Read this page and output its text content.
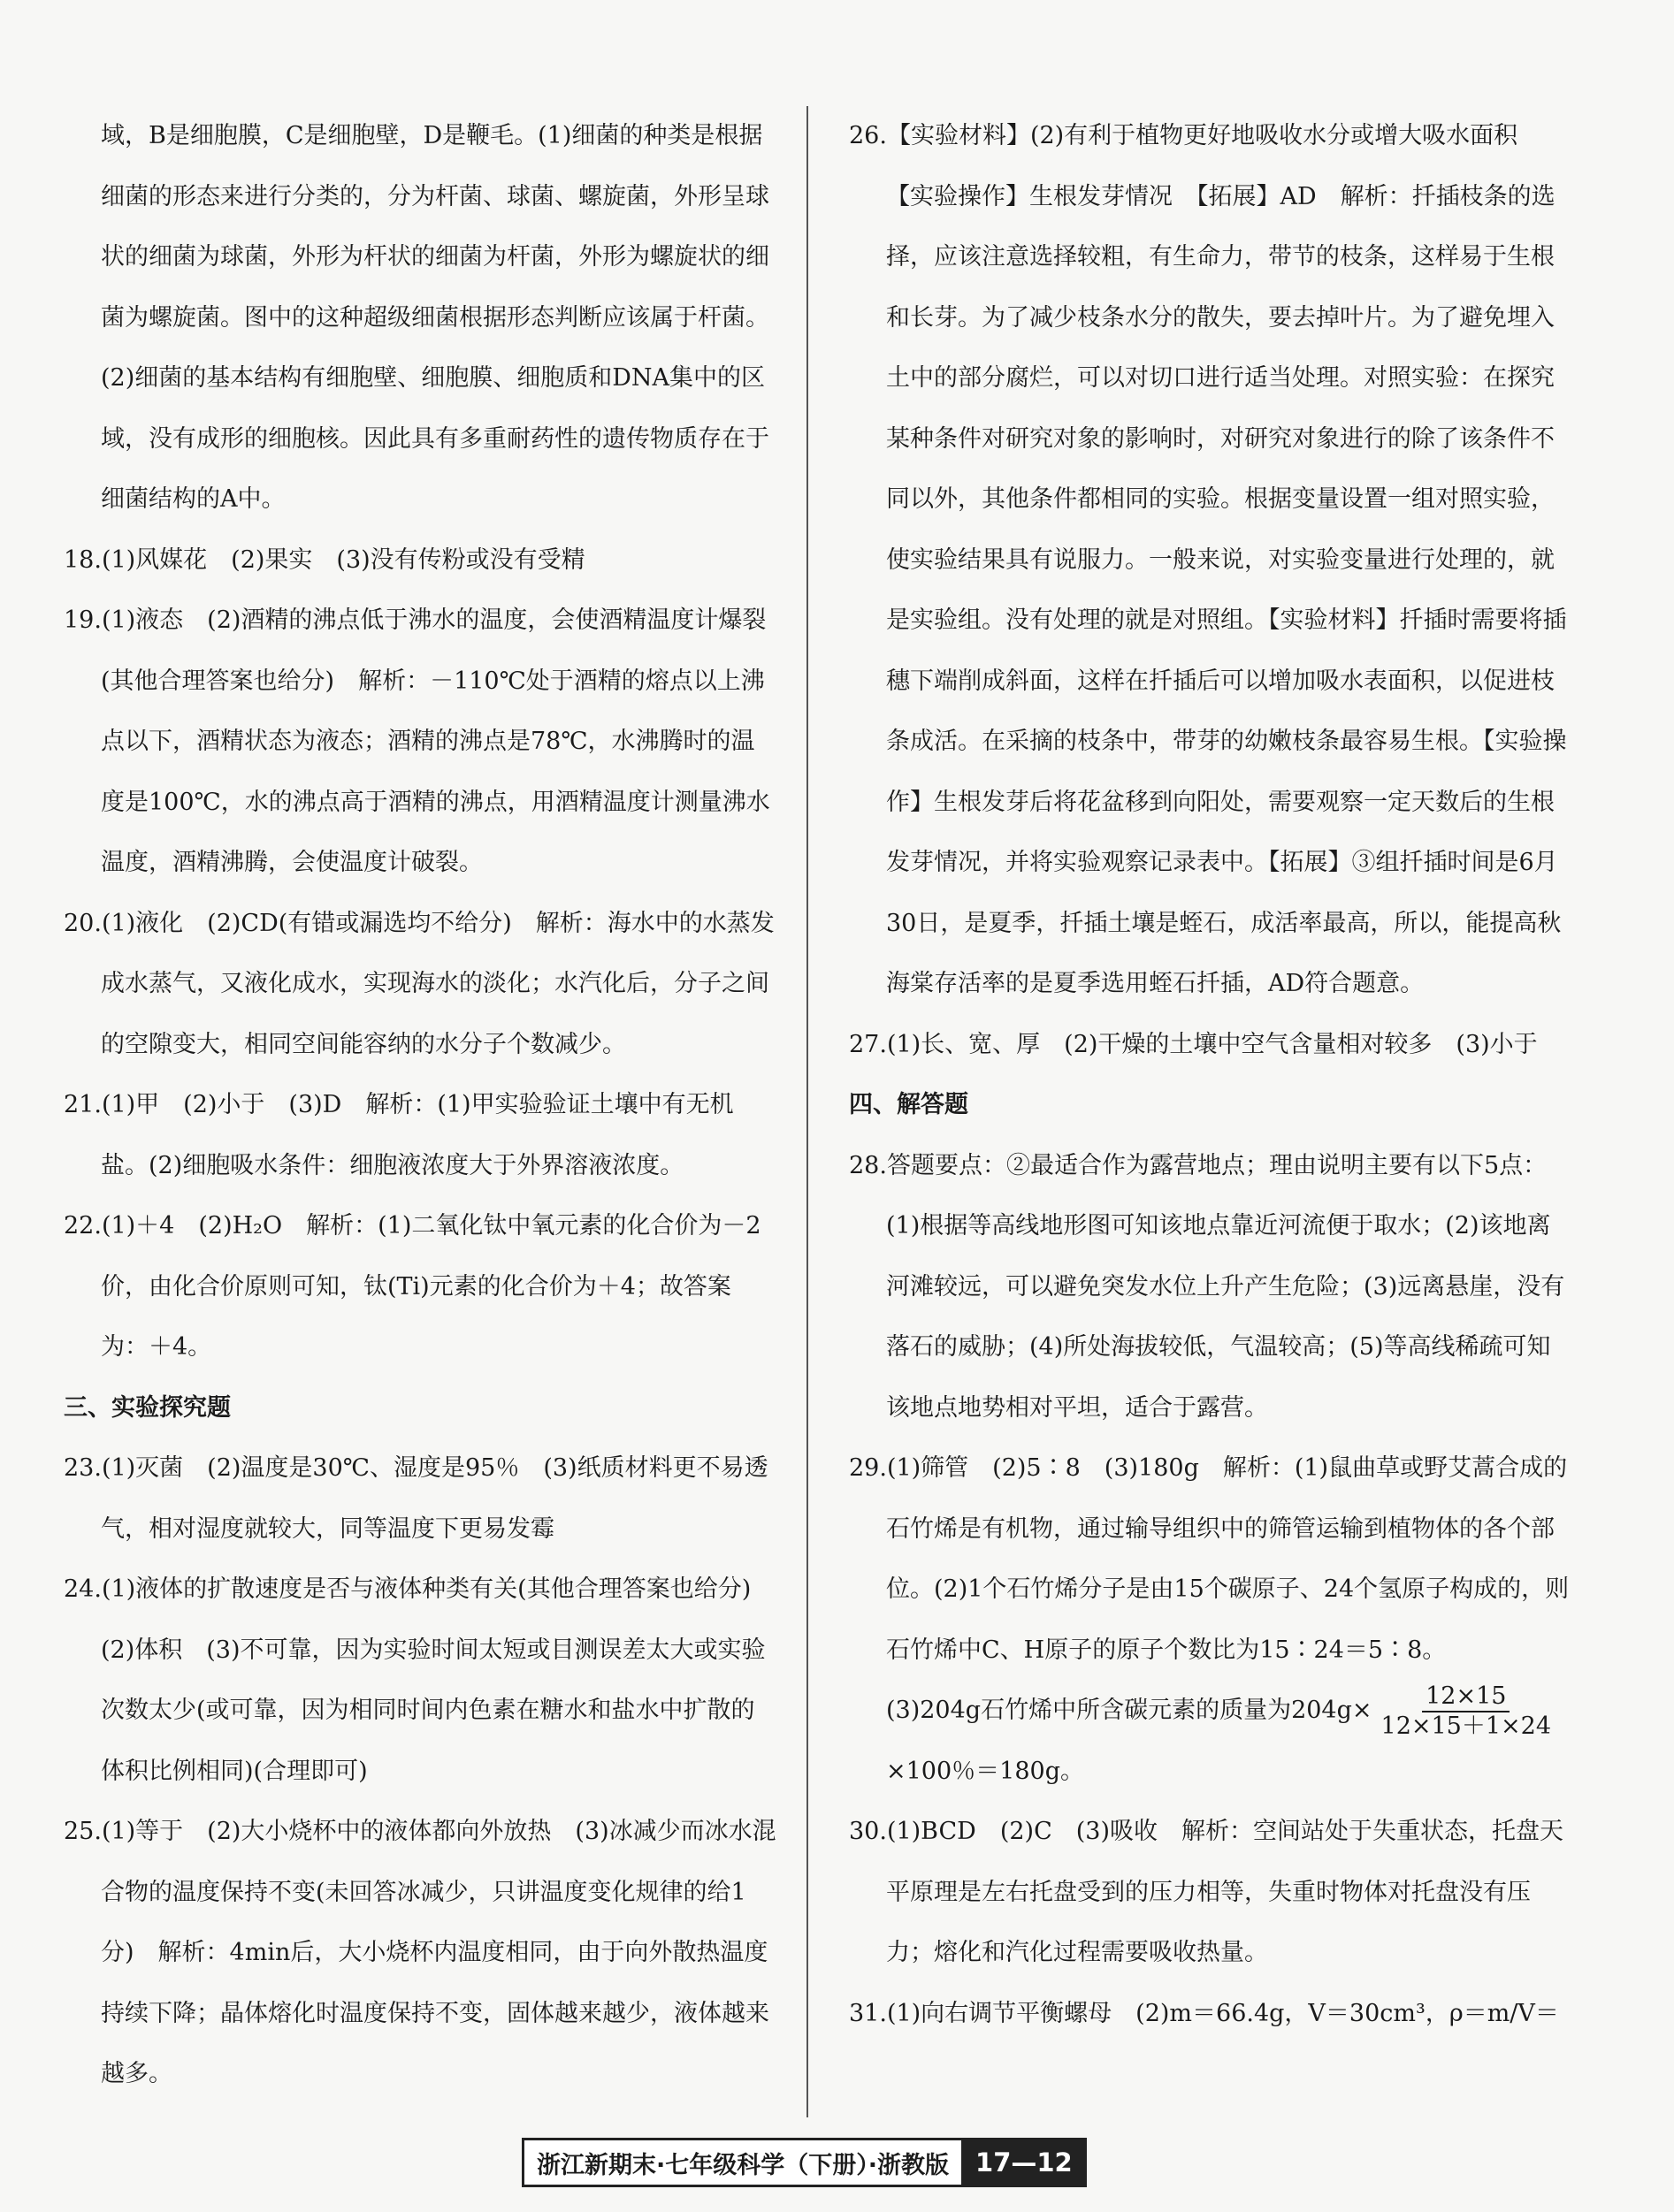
域，B是细胞膜，C是细胞壁，D是鞭毛。(1)细菌的种类是根据细菌的形态来进行分类的，分为杆菌、球菌、螺旋菌，外形呈球状的细菌为球菌，外形为杆状的细菌为杆菌，外形为螺旋状的细菌为螺旋菌。图中的这种超级细菌根据形态判断应该属于杆菌。(2)细菌的基本结构有细胞壁、细胞膜、细胞质和DNA集中的区域，没有成形的细胞核。因此具有多重耐药性的遗传物质存在于细菌结构的A中。

18.(1)风媒花　(2)果实　(3)没有传粉或没有受精

19.(1)液态　(2)酒精的沸点低于沸水的温度，会使酒精温度计爆裂(其他合理答案也给分)　解析：－110℃处于酒精的熔点以上沸点以下，酒精状态为液态；酒精的沸点是78℃，水沸腾时的温度是100℃，水的沸点高于酒精的沸点，用酒精温度计测量沸水温度，酒精沸腾，会使温度计破裂。

20.(1)液化　(2)CD(有错或漏选均不给分)　解析：海水中的水蒸发成水蒸气，又液化成水，实现海水的淡化；水汽化后，分子之间的空隙变大，相同空间能容纳的水分子个数减少。

21.(1)甲　(2)小于　(3)D　解析：(1)甲实验验证土壤中有无机盐。(2)细胞吸水条件：细胞液浓度大于外界溶液浓度。

22.(1)＋4　(2)H₂O　解析：(1)二氧化钛中氧元素的化合价为－2价，由化合价原则可知，钛(Ti)元素的化合价为＋4；故答案为：＋4。

三、实验探究题

23.(1)灭菌　(2)温度是30℃、湿度是95％　(3)纸质材料更不易透气，相对湿度就较大，同等温度下更易发霉

24.(1)液体的扩散速度是否与液体种类有关(其他合理答案也给分)　(2)体积　(3)不可靠，因为实验时间太短或目测误差太大或实验次数太少(或可靠，因为相同时间内色素在糖水和盐水中扩散的体积比例相同)(合理即可)

25.(1)等于　(2)大小烧杯中的液体都向外放热　(3)冰减少而冰水混合物的温度保持不变(未回答冰减少，只讲温度变化规律的给1分)　解析：4min后，大小烧杯内温度相同，由于向外散热温度持续下降；晶体熔化时温度保持不变，固体越来越少，液体越来越多。

26.【实验材料】(2)有利于植物更好地吸收水分或增大吸水面积

【实验操作】生根发芽情况　【拓展】AD　解析：扦插枝条的选择，应该注意选择较粗，有生命力，带节的枝条，这样易于生根和长芽。为了减少枝条水分的散失，要去掉叶片。为了避免埋入土中的部分腐烂，可以对切口进行适当处理。对照实验：在探究某种条件对研究对象的影响时，对研究对象进行的除了该条件不同以外，其他条件都相同的实验。根据变量设置一组对照实验，使实验结果具有说服力。一般来说，对实验变量进行处理的，就是实验组。没有处理的就是对照组。【实验材料】扦插时需要将插穗下端削成斜面，这样在扦插后可以增加吸水表面积，以促进枝条成活。在采摘的枝条中，带芽的幼嫩枝条最容易生根。【实验操作】生根发芽后将花盆移到向阳处，需要观察一定天数后的生根发芽情况，并将实验观察记录表中。【拓展】③组扦插时间是6月30日，是夏季，扦插土壤是蛭石，成活率最高，所以，能提高秋海棠存活率的是夏季选用蛭石扦插，AD符合题意。

27.(1)长、宽、厚　(2)干燥的土壤中空气含量相对较多　(3)小于

四、解答题

28.答题要点：②最适合作为露营地点；理由说明主要有以下5点：(1)根据等高线地形图可知该地点靠近河流便于取水；(2)该地离河滩较远，可以避免突发水位上升产生危险；(3)远离悬崖，没有落石的威胁；(4)所处海拔较低，气温较高；(5)等高线稀疏可知该地点地势相对平坦，适合于露营。

29.(1)筛管　(2)5∶8　(3)180g　解析：(1)鼠曲草或野艾蒿合成的石竹烯是有机物，通过输导组织中的筛管运输到植物体的各个部位。(2)1个石竹烯分子是由15个碳原子、24个氢原子构成的，则石竹烯中C、H原子的原子个数比为15∶24＝5∶8。

(3)204g石竹烯中所含碳元素的质量为$204g\times \frac{12\times 15}{12\times 15+1\times 24}$

×100％＝180g。

30.(1)BCD　(2)C　(3)吸收　解析：空间站处于失重状态，托盘天平原理是左右托盘受到的压力相等，失重时物体对托盘没有压力；熔化和汽化过程需要吸收热量。

31.(1)向右调节平衡螺母　(2)m＝66.4g，V＝30cm³，ρ＝m/V＝

浙江新期末·七年级科学（下册）·浙教版	17—12
